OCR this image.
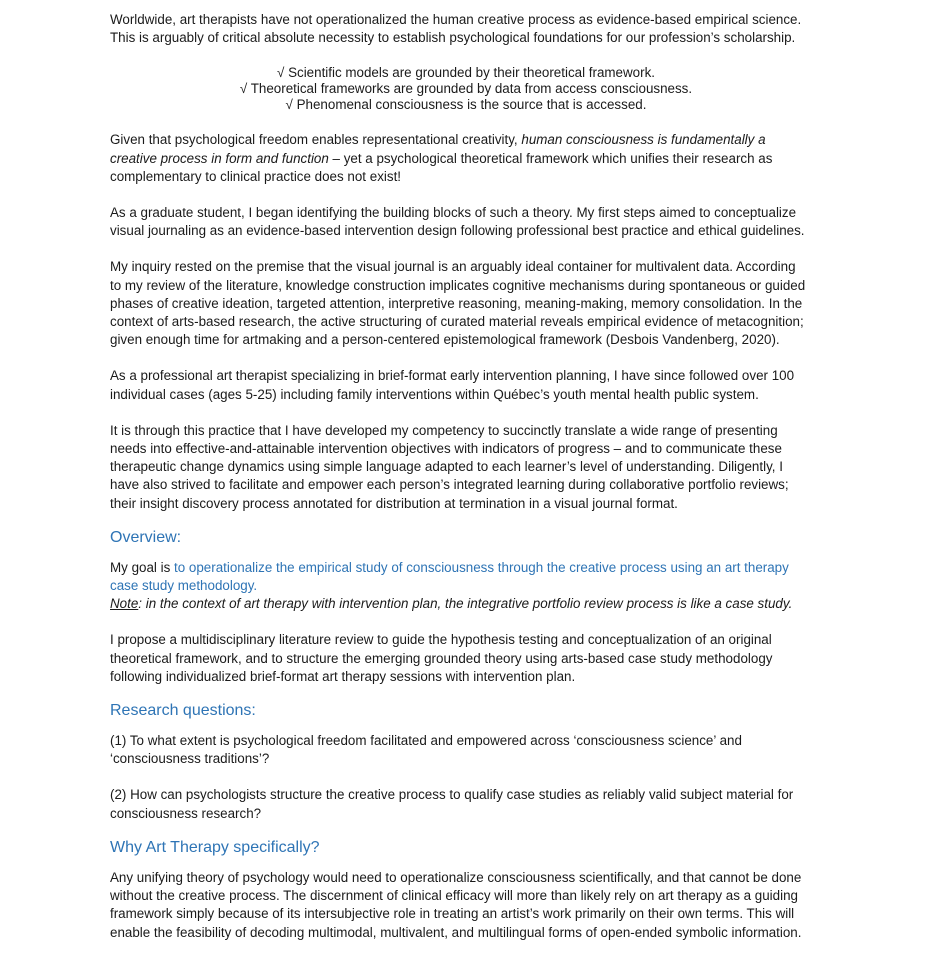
Worldwide, art therapists have not operationalized the human creative process as evidence-based empirical science.
This is arguably of critical absolute necessity to establish psychological foundations for our profession’s scholarship.

√ Scientific models are grounded by their theoretical framework.
√ Theoretical frameworks are grounded by data from access consciousness.
√ Phenomenal consciousness is the source that is accessed.

Given that psychological freedom enables representational creativity, human consciousness is fundamentally a
creative process in form and function – yet a psychological theoretical framework which unifies their research as
complementary to clinical practice does not exist!

As a graduate student, I began identifying the building blocks of such a theory. My first steps aimed to conceptualize
visual journaling as an evidence-based intervention design following professional best practice and ethical guidelines.

My inquiry rested on the premise that the visual journal is an arguably ideal container for multivalent data. According
to my review of the literature, knowledge construction implicates cognitive mechanisms during spontaneous or guided
phases of creative ideation, targeted attention, interpretive reasoning, meaning-making, memory consolidation. In the
context of arts-based research, the active structuring of curated material reveals empirical evidence of metacognition;
given enough time for artmaking and a person-centered epistemological framework (Desbois Vandenberg, 2020).

As a professional art therapist specializing in brief-format early intervention planning, I have since followed over 100
individual cases (ages 5-25) including family interventions within Québec’s youth mental health public system.

It is through this practice that I have developed my competency to succinctly translate a wide range of presenting
needs into effective-and-attainable intervention objectives with indicators of progress – and to communicate these
therapeutic change dynamics using simple language adapted to each learner’s level of understanding. Diligently, I
have also strived to facilitate and empower each person’s integrated learning during collaborative portfolio reviews;
their insight discovery process annotated for distribution at termination in a visual journal format.

Overview:

My goal is to operationalize the empirical study of consciousness through the creative process using an art therapy
case study methodology.

Note: in the context of art therapy with intervention plan, the integrative portfolio review process is like a case study.

I propose a multidisciplinary literature review to guide the hypothesis testing and conceptualization of an original
theoretical framework, and to structure the emerging grounded theory using arts-based case study methodology
following individualized brief-format art therapy sessions with intervention plan.

Research questions:

(1) To what extent is psychological freedom facilitated and empowered across ‘consciousness science’ and
‘consciousness traditions’?

(2) How can psychologists structure the creative process to qualify case studies as reliably valid subject material for
consciousness research?

Why Art Therapy specifically?

Any unifying theory of psychology would need to operationalize consciousness scientifically, and that cannot be done
without the creative process. The discernment of clinical efficacy will more than likely rely on art therapy as a guiding
framework simply because of its intersubjective role in treating an artist’s work primarily on their own terms. This will
enable the feasibility of decoding multimodal, multivalent, and multilingual forms of open-ended symbolic information.
